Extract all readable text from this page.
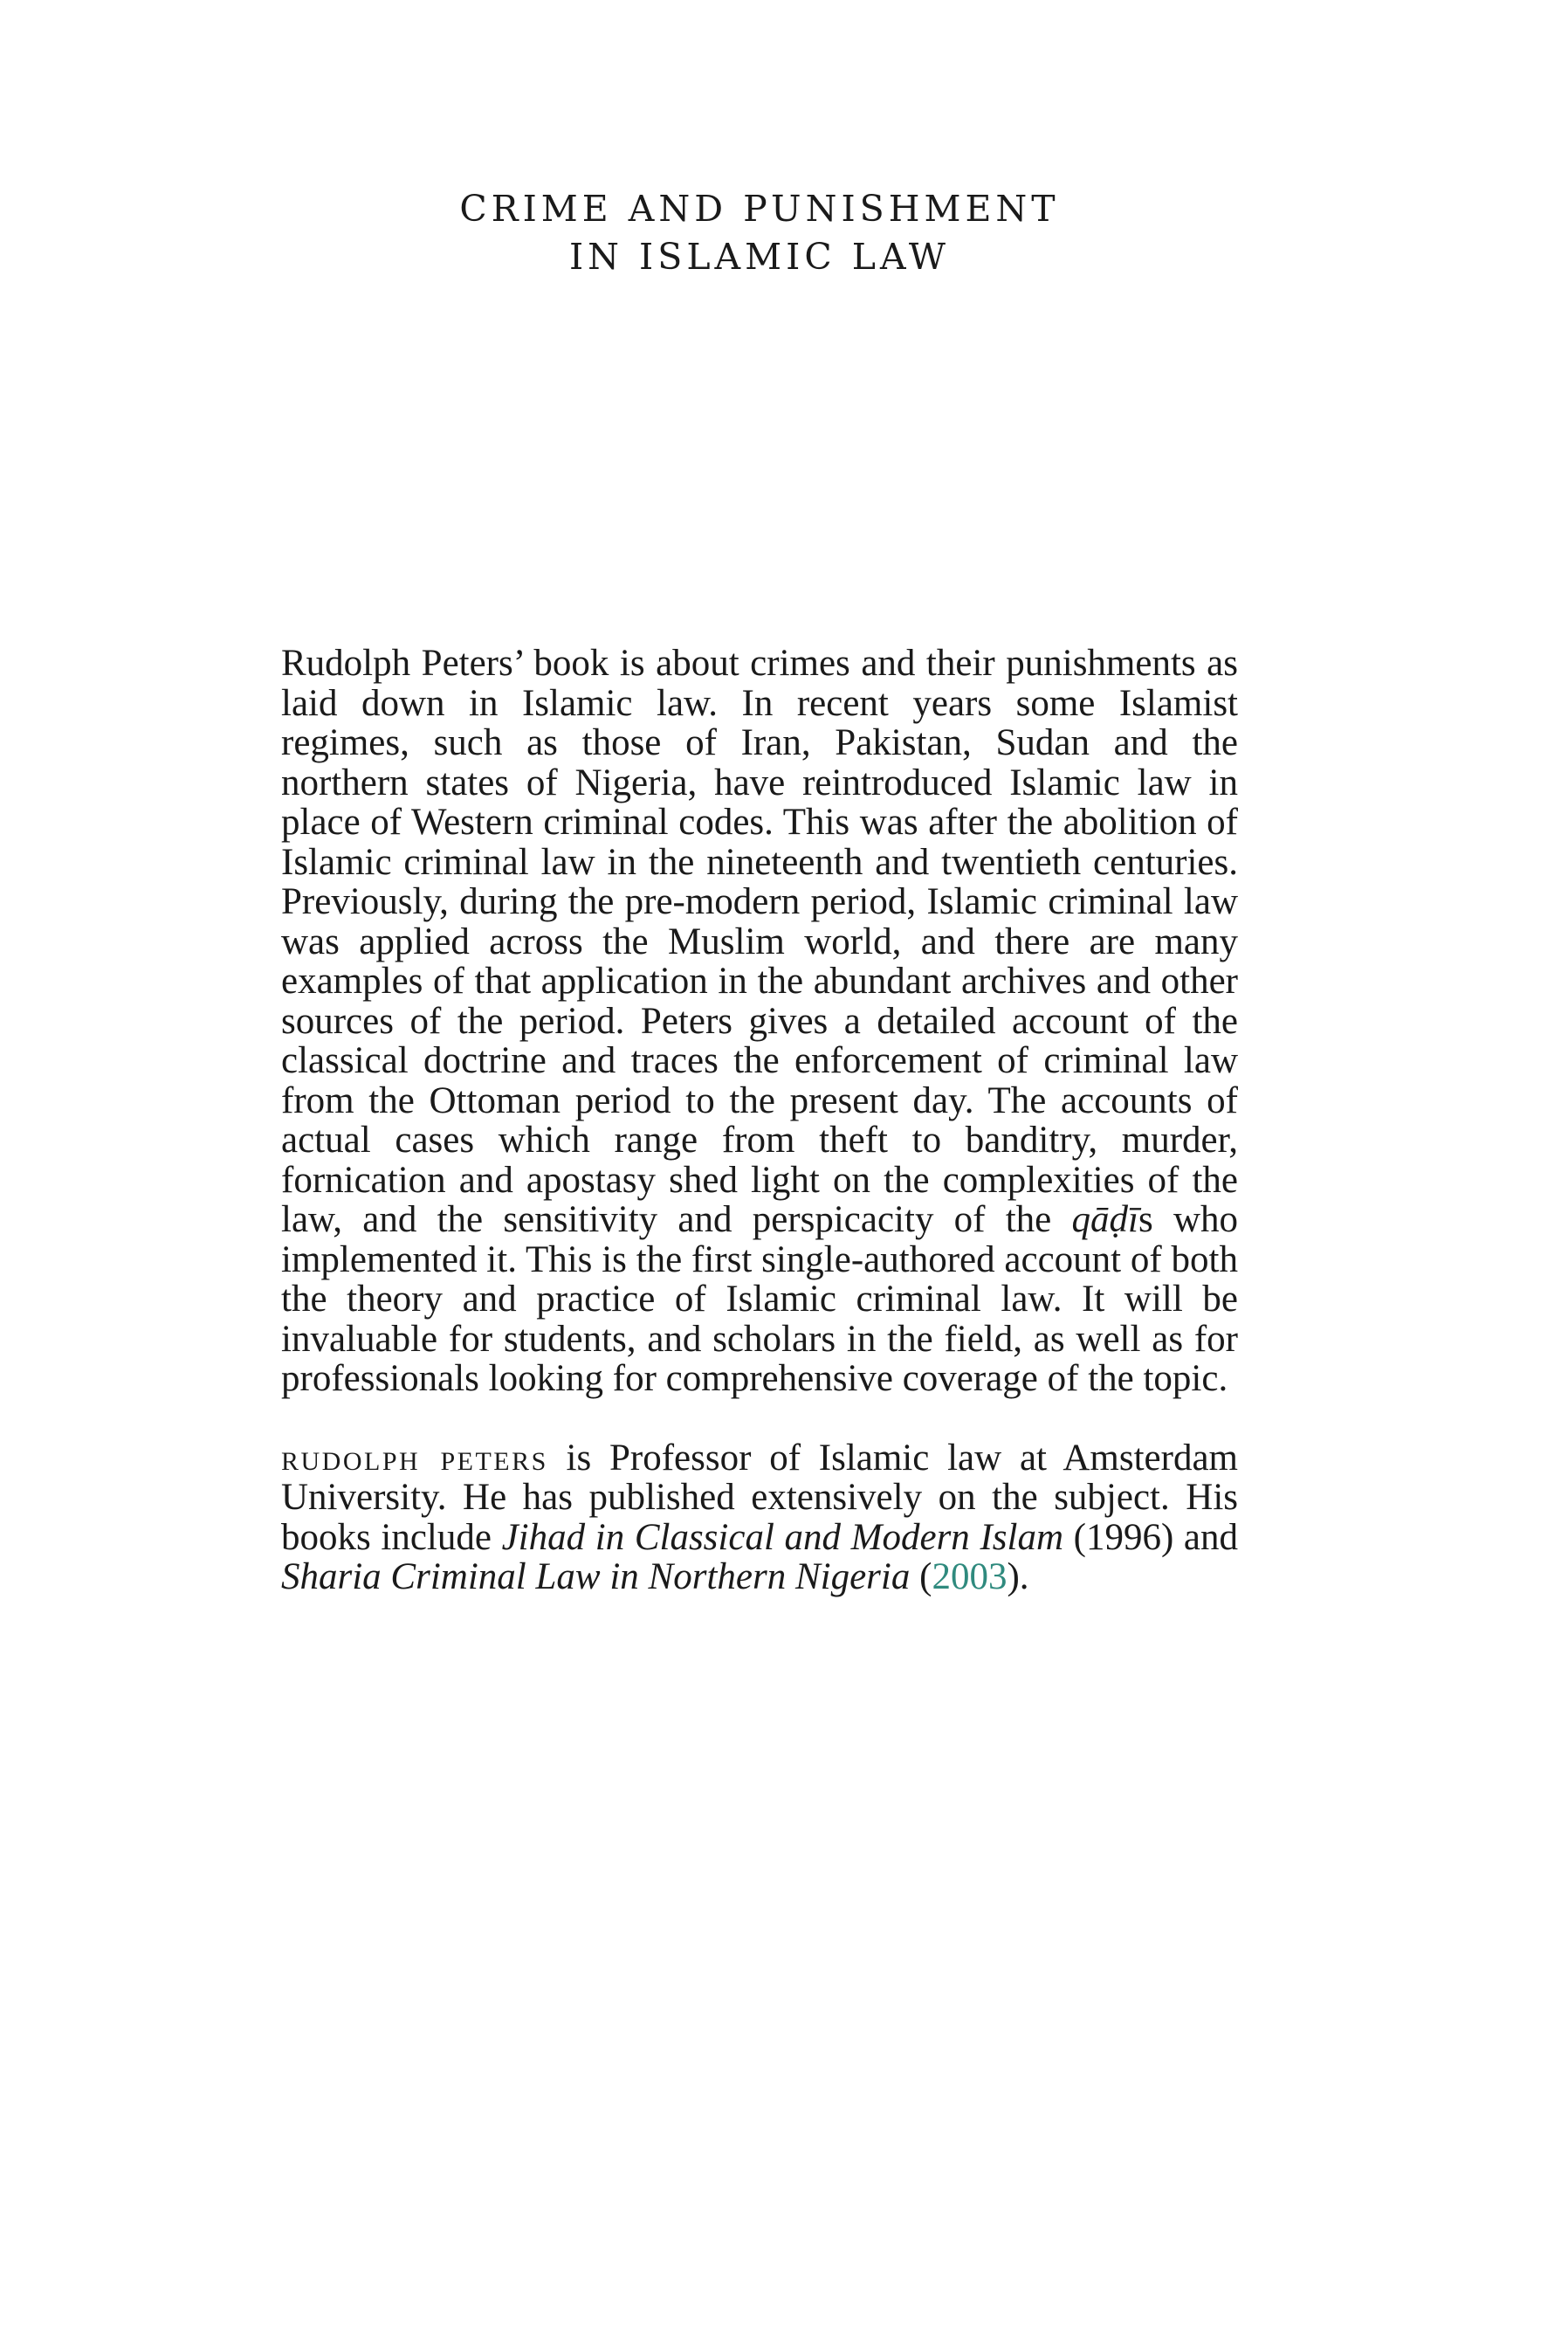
CRIME AND PUNISHMENT
IN ISLAMIC LAW

Rudolph Peters’ book is about crimes and their punishments as laid down in Islamic law. In recent years some Islamist regimes, such as those of Iran, Pakistan, Sudan and the northern states of Nigeria, have reintroduced Islamic law in place of Western criminal codes. This was after the abolition of Islamic criminal law in the nineteenth and twentieth centuries. Previously, during the pre-modern period, Islamic criminal law was applied across the Muslim world, and there are many examples of that application in the abundant archives and other sources of the period. Peters gives a detailed account of the classical doctrine and traces the enforcement of criminal law from the Ottoman period to the present day. The accounts of actual cases which range from theft to banditry, murder, fornication and apostasy shed light on the complexities of the law, and the sensitivity and perspicacity of the qāḍīs who implemented it. This is the first single-authored account of both the theory and practice of Islamic criminal law. It will be invaluable for students, and scholars in the field, as well as for professionals looking for comprehensive coverage of the topic.

rudolph peters is Professor of Islamic law at Amsterdam University. He has published extensively on the subject. His books include Jihad in Classical and Modern Islam (1996) and Sharia Criminal Law in Northern Nigeria (2003).
